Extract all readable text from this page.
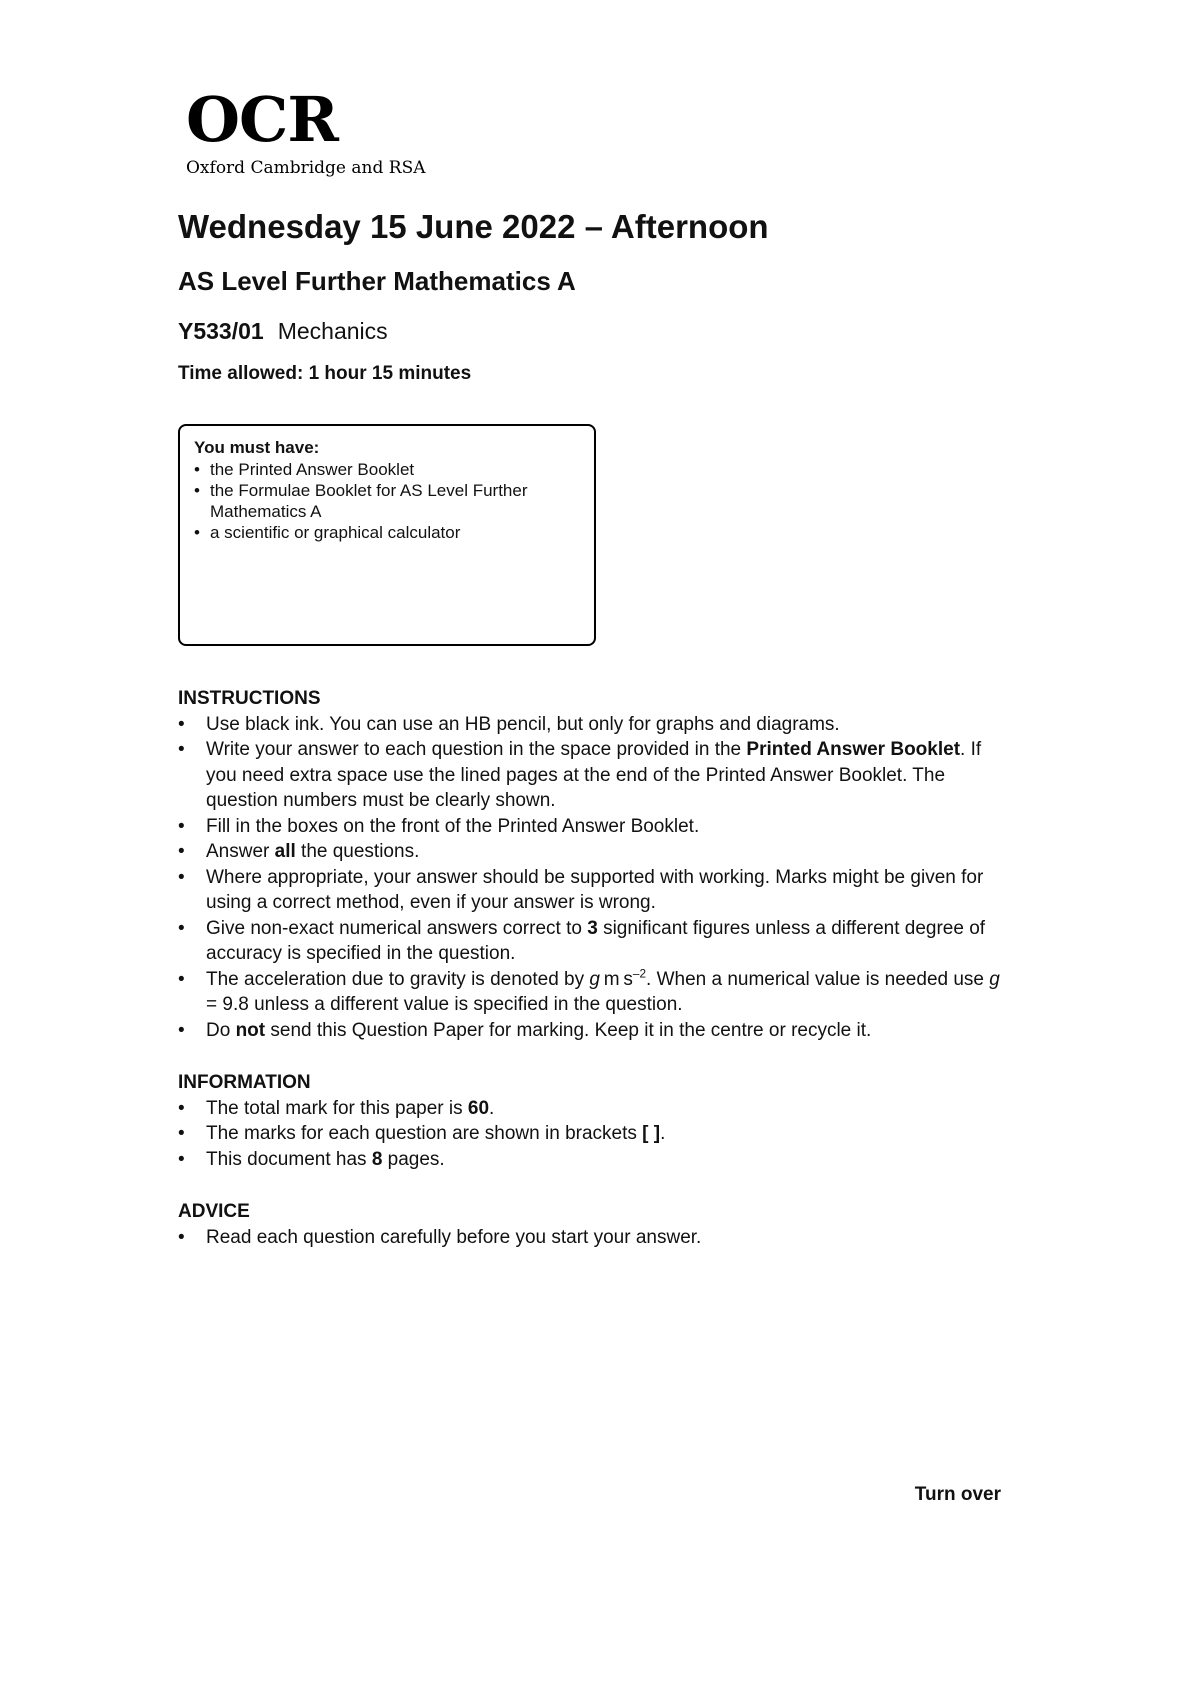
OCR
Oxford Cambridge and RSA
Wednesday 15 June 2022 – Afternoon
AS Level Further Mathematics A
Y533/01 Mechanics
Time allowed: 1 hour 15 minutes
You must have:
• the Printed Answer Booklet
• the Formulae Booklet for AS Level Further Mathematics A
• a scientific or graphical calculator
INSTRUCTIONS
•	Use black ink. You can use an HB pencil, but only for graphs and diagrams.
•	Write your answer to each question in the space provided in the Printed Answer Booklet. If you need extra space use the lined pages at the end of the Printed Answer Booklet. The question numbers must be clearly shown.
•	Fill in the boxes on the front of the Printed Answer Booklet.
•	Answer all the questions.
•	Where appropriate, your answer should be supported with working. Marks might be given for using a correct method, even if your answer is wrong.
•	Give non-exact numerical answers correct to 3 significant figures unless a different degree of accuracy is specified in the question.
•	The acceleration due to gravity is denoted by g m $s^{-2}$. When a numerical value is needed use g = 9.8 unless a different value is specified in the question.
•	Do not send this Question Paper for marking. Keep it in the centre or recycle it.
INFORMATION
•	The total mark for this paper is 60.
•	The marks for each question are shown in brackets [ ].
•	This document has 8 pages.
ADVICE
•	Read each question carefully before you start your answer.
Turn over
